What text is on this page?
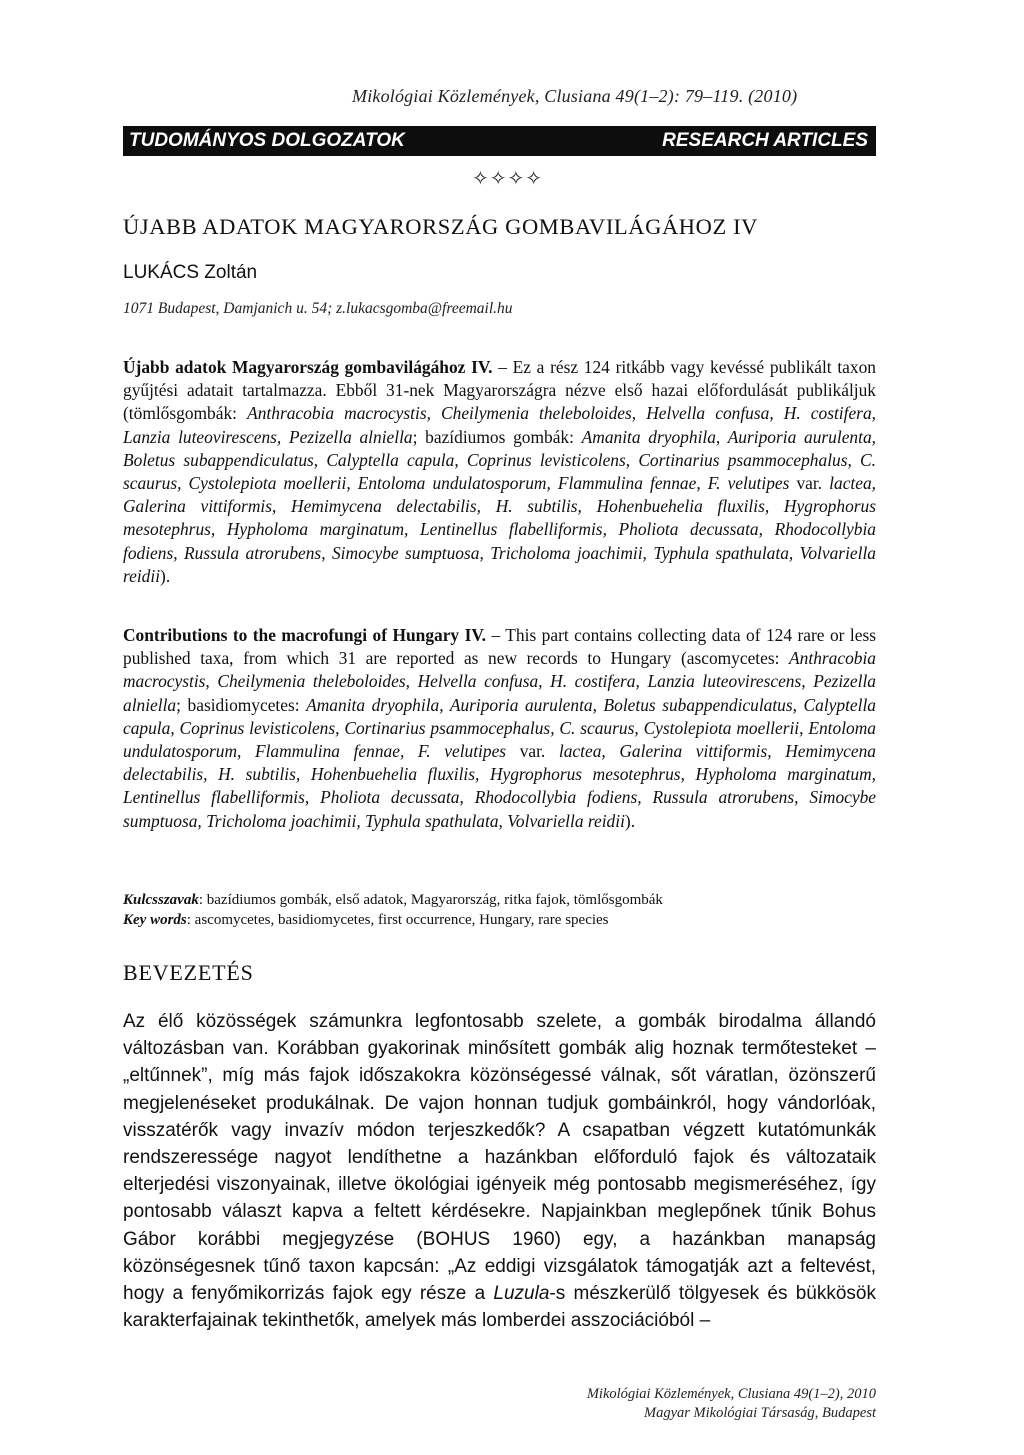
Mikológiai Közlemények, Clusiana 49(1–2): 79–119. (2010)
TUDOMÁNYOS DOLGOZATOK	RESEARCH ARTICLES
✧✧✧✧
ÚJABB ADATOK MAGYARORSZÁG GOMBAVILÁGÁHOZ IV
LUKÁCS Zoltán
1071 Budapest, Damjanich u. 54; z.lukacsgomba@freemail.hu
Újabb adatok Magyarország gombavilágához IV. – Ez a rész 124 ritkább vagy kevéssé publikált taxon gyűjtési adatait tartalmazza. Ebből 31-nek Magyarországra nézve első hazai előfordulását publikáljuk (tömlősgombák: Anthracobia macrocystis, Cheilymenia theleboloides, Helvella confusa, H. costifera, Lanzia luteovirescens, Pezizella alniella; bazídiumos gombák: Amanita dryophila, Auriporia aurulenta, Boletus subappendiculatus, Calyptella capula, Coprinus levisticolens, Cortinarius psammocephalus, C. scaurus, Cystolepiota moellerii, Entoloma undulatosporum, Flammulina fennae, F. velutipes var. lactea, Galerina vittiformis, Hemimycena delectabilis, H. subtilis, Hohenbuehelia fluxilis, Hygrophorus mesotephrus, Hypholoma marginatum, Lentinellus flabelliformis, Pholiota decussata, Rhodocollybia fodiens, Russula atrorubens, Simocybe sumptuosa, Tricholoma joachimii, Typhula spathulata, Volvariella reidii).
Contributions to the macrofungi of Hungary IV. – This part contains collecting data of 124 rare or less published taxa, from which 31 are reported as new records to Hungary (ascomycetes: Anthracobia macrocystis, Cheilymenia theleboloides, Helvella confusa, H. costifera, Lanzia luteovirescens, Pezizella alniella; basidiomycetes: Amanita dryophila, Auriporia aurulenta, Boletus subappendiculatus, Calyptella capula, Coprinus levisticolens, Cortinarius psammocephalus, C. scaurus, Cystolepiota moellerii, Entoloma undulatosporum, Flammulina fennae, F. velutipes var. lactea, Galerina vittiformis, Hemimycena delectabilis, H. subtilis, Hohenbuehelia fluxilis, Hygrophorus mesotephrus, Hypholoma marginatum, Lentinellus flabelliformis, Pholiota decussata, Rhodocollybia fodiens, Russula atrorubens, Simocybe sumptuosa, Tricholoma joachimii, Typhula spathulata, Volvariella reidii).
Kulcsszavak: bazídiumos gombák, első adatok, Magyarország, ritka fajok, tömlősgombák
Key words: ascomycetes, basidiomycetes, first occurrence, Hungary, rare species
BEVEZETÉS
Az élő közösségek számunkra legfontosabb szelete, a gombák birodalma állandó változásban van. Korábban gyakorinak minősített gombák alig hoznak termőtesteket – „eltűnnek”, míg más fajok időszakokra közönségessé válnak, sőt váratlan, özönszerű megjelenéseket produkálnak. De vajon honnan tudjuk gombáinkról, hogy vándorlóak, visszatérők vagy invazív módon terjeszkedők? A csapatban végzett kutatómunkák rendszeressége nagyot lendíthetne a hazánkban előforduló fajok és változataik elterjedési viszonyainak, illetve ökológiai igényeik még pontosabb megismeréséhez, így pontosabb választ kapva a feltett kérdésekre. Napjainkban meglepőnek tűnik Bohus Gábor korábbi megjegyzése (BOHUS 1960) egy, a hazánkban manapság közönségesnek tűnő taxon kapcsán: „Az eddigi vizsgálatok támogatják azt a feltevést, hogy a fenyőmikorrizás fajok egy része a Luzula-s mészkerülő tölgyesek és bükkösök karakterfajainak tekinthetők, amelyek más lomberdei asszociációból –
Mikológiai Közlemények, Clusiana 49(1–2), 2010
Magyar Mikológiai Társaság, Budapest
